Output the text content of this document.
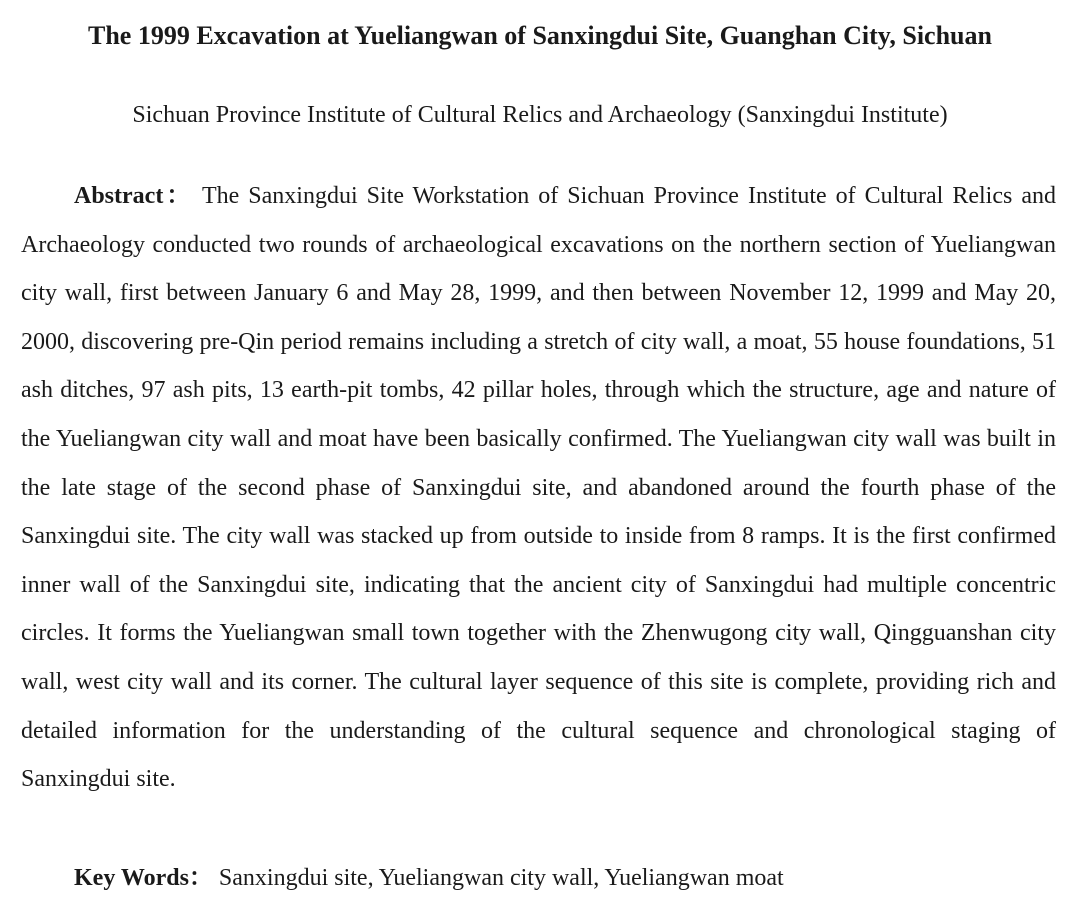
The 1999 Excavation at Yueliangwan of Sanxingdui Site, Guanghan City, Sichuan

Sichuan Province Institute of Cultural Relics and Archaeology (Sanxingdui Institute)

Abstract： The Sanxingdui Site Workstation of Sichuan Province Institute of Cultural Relics and Archaeology conducted two rounds of archaeological excavations on the northern section of Yueliangwan city wall, first between January 6 and May 28, 1999, and then between November 12, 1999 and May 20, 2000, discovering pre-Qin period remains including a stretch of city wall, a moat, 55 house foundations, 51 ash ditches, 97 ash pits, 13 earth-pit tombs, 42 pillar holes, through which the structure, age and nature of the Yueliangwan city wall and moat have been basically confirmed. The Yueliangwan city wall was built in the late stage of the second phase of Sanxingdui site, and abandoned around the fourth phase of the Sanxingdui site. The city wall was stacked up from outside to inside from 8 ramps. It is the first confirmed inner wall of the Sanxingdui site, indicating that the ancient city of Sanxingdui had multiple concentric circles. It forms the Yueliangwan small town together with the Zhenwugong city wall, Qingguanshan city wall, west city wall and its corner. The cultural layer sequence of this site is complete, providing rich and detailed information for the understanding of the cultural sequence and chronological staging of Sanxingdui site.

Key Words： Sanxingdui site, Yueliangwan city wall, Yueliangwan moat
